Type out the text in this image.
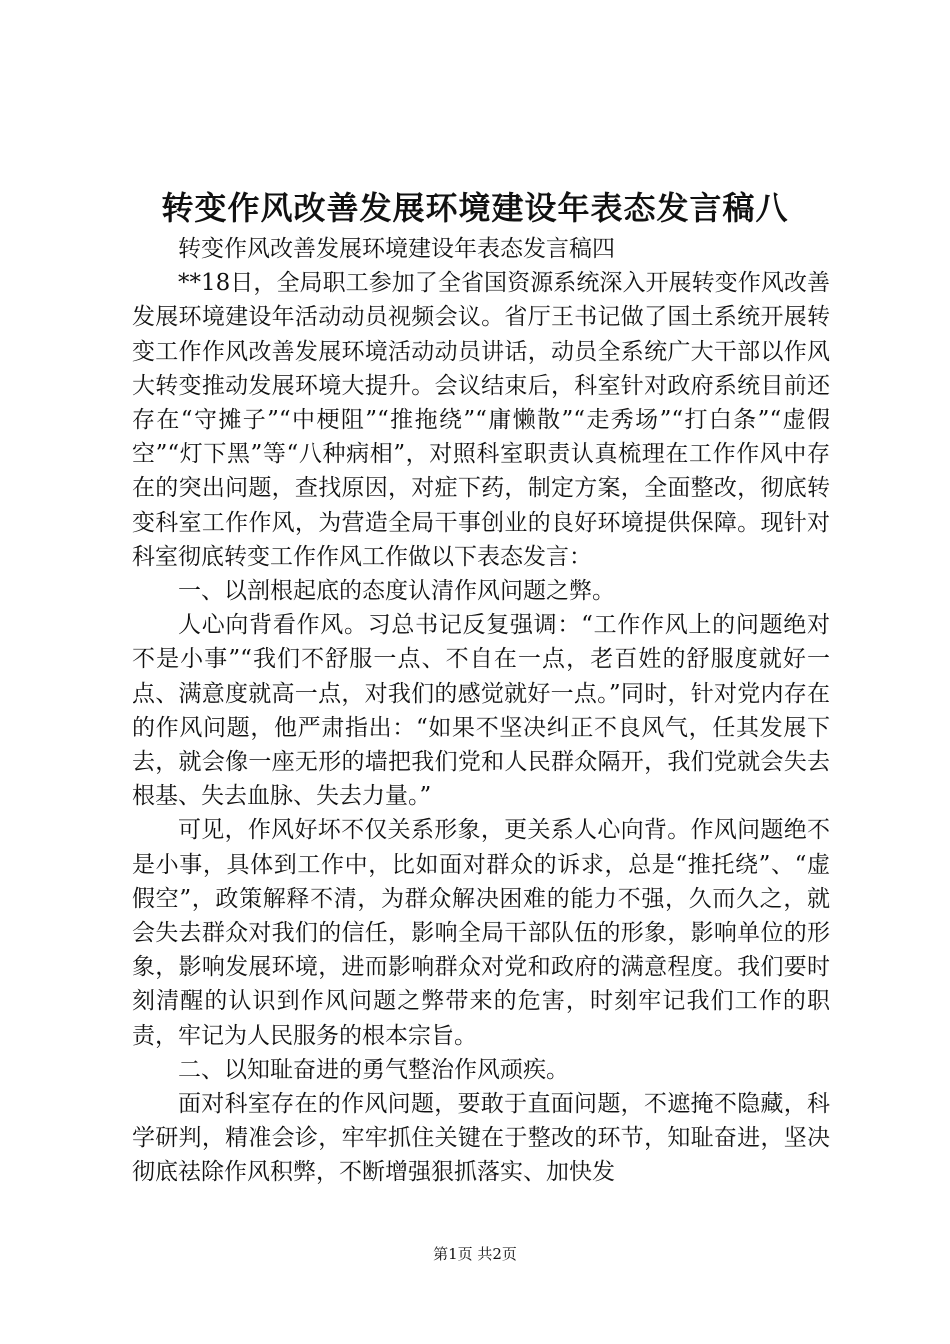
转变作风改善发展环境建设年表态发言稿八

转变作风改善发展环境建设年表态发言稿四

**18日，全局职工参加了全省国资源系统深入开展转变作风改善发展环境建设年活动动员视频会议。省厅王书记做了国土系统开展转变工作作风改善发展环境活动动员讲话，动员全系统广大干部以作风大转变推动发展环境大提升。会议结束后，科室针对政府系统目前还存在“守摊子”“中梗阻”“推拖绕”“庸懒散”“走秀场”“打白条”“虚假空”“灯下黑”等“八种病相”，对照科室职责认真梳理在工作作风中存在的突出问题，查找原因，对症下药，制定方案，全面整改，彻底转变科室工作作风，为营造全局干事创业的良好环境提供保障。现针对科室彻底转变工作作风工作做以下表态发言：

一、以剖根起底的态度认清作风问题之弊。

人心向背看作风。习总书记反复强调：“工作作风上的问题绝对不是小事”“我们不舒服一点、不自在一点，老百姓的舒服度就好一点、满意度就高一点，对我们的感觉就好一点。”同时，针对党内存在的作风问题，他严肃指出：“如果不坚决纠正不良风气，任其发展下去，就会像一座无形的墙把我们党和人民群众隔开，我们党就会失去根基、失去血脉、失去力量。”

可见，作风好坏不仅关系形象，更关系人心向背。作风问题绝不是小事，具体到工作中，比如面对群众的诉求，总是“推托绕”、“虚假空”，政策解释不清，为群众解决困难的能力不强，久而久之，就会失去群众对我们的信任，影响全局干部队伍的形象，影响单位的形象，影响发展环境，进而影响群众对党和政府的满意程度。我们要时刻清醒的认识到作风问题之弊带来的危害，时刻牢记我们工作的职责，牢记为人民服务的根本宗旨。

二、以知耻奋进的勇气整治作风顽疾。

面对科室存在的作风问题，要敢于直面问题，不遮掩不隐藏，科学研判，精准会诊，牢牢抓住关键在于整改的环节，知耻奋进，坚决彻底祛除作风积弊，不断增强狠抓落实、加快发

第1页 共2页
